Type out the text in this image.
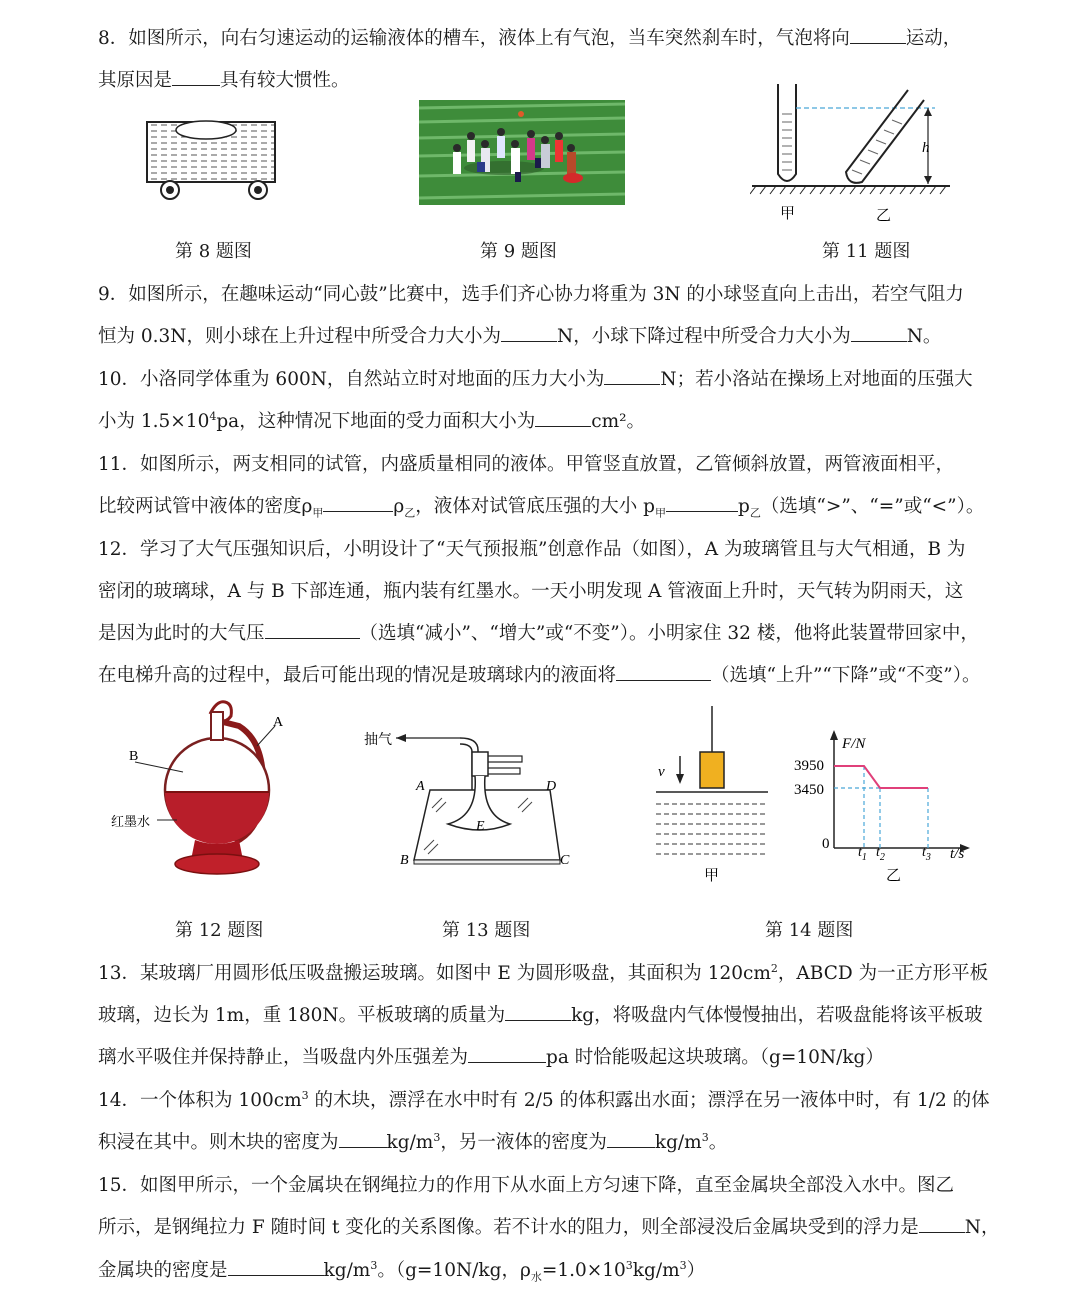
8．如图所示，向右匀速运动的运输液体的槽车，液体上有气泡，当车突然刹车时，气泡将向	运动，
其原因是	具有较大惯性。
h
甲	乙
第 8 题图	第 9 题图	第 11 题图
9．如图所示，在趣味运动“同心鼓”比赛中，选手们齐心协力将重为 3N 的小球竖直向上击出，若空气阻力
恒为 0.3N，则小球在上升过程中所受合力大小为	N，小球下降过程中所受合力大小为	N。
10．小洛同学体重为 600N，自然站立时对地面的压力大小为	N；若小洛站在操场上对地面的压强大
小为 $1.5\times 10^4pa$，这种情况下地面的受力面积大小为	cm²。
11．如图所示，两支相同的试管，内盛质量相同的液体。甲管竖直放置，乙管倾斜放置，两管液面相平，
比较两试管中液体的密度$\rho_甲$	$\rho_乙$，液体对试管底压强的大小 $p_甲$	$p_乙$（选填“>”、“=”或“<”）。
12．学习了大气压强知识后，小明设计了“天气预报瓶”创意作品（如图），A 为玻璃管且与大气相通，B 为
密闭的玻璃球，A 与 B 下部连通，瓶内装有红墨水。一天小明发现 A 管液面上升时，天气转为阴雨天，这
是因为此时的大气压	（选填“减小”、“增大”或“不变”）。小明家住 32 楼，他将此装置带回家中，
在电梯升高的过程中，最后可能出现的情况是玻璃球内的液面将	（选填“上升”“下降”或“不变”）。
B
A
红墨水
抽气
A	D
B	C
E
v
甲
F/N
t/s
3950
3450
0
$t_1$ $t_2$	$t_3$
乙
第 12 题图	第 13 题图	第 14 题图
13．某玻璃厂用圆形低压吸盘搬运玻璃。如图中 E 为圆形吸盘，其面积为 $120cm^2$，ABCD 为一正方形平板
玻璃，边长为 1m，重 180N。平板玻璃的质量为	kg，将吸盘内气体慢慢抽出，若吸盘能将该平板玻
璃水平吸住并保持静止，当吸盘内外压强差为	pa 时恰能吸起这块玻璃。（g=10N/kg）
14．一个体积为 $100cm^3$ 的木块，漂浮在水中时有 2/5 的体积露出水面；漂浮在另一液体中时，有 1/2 的体
积浸在其中。则木块的密度为	$kg/m^3$，另一液体的密度为	$kg/m^3$。
15．如图甲所示，一个金属块在钢绳拉力的作用下从水面上方匀速下降，直至金属块全部没入水中。图乙
所示，是钢绳拉力 F 随时间 t 变化的关系图像。若不计水的阻力，则全部浸没后金属块受到的浮力是 N，
金属块的密度是	$kg/m^3$。（g=10N/kg，$\rho_水=1.0\times 10^3kg/m^3$）
